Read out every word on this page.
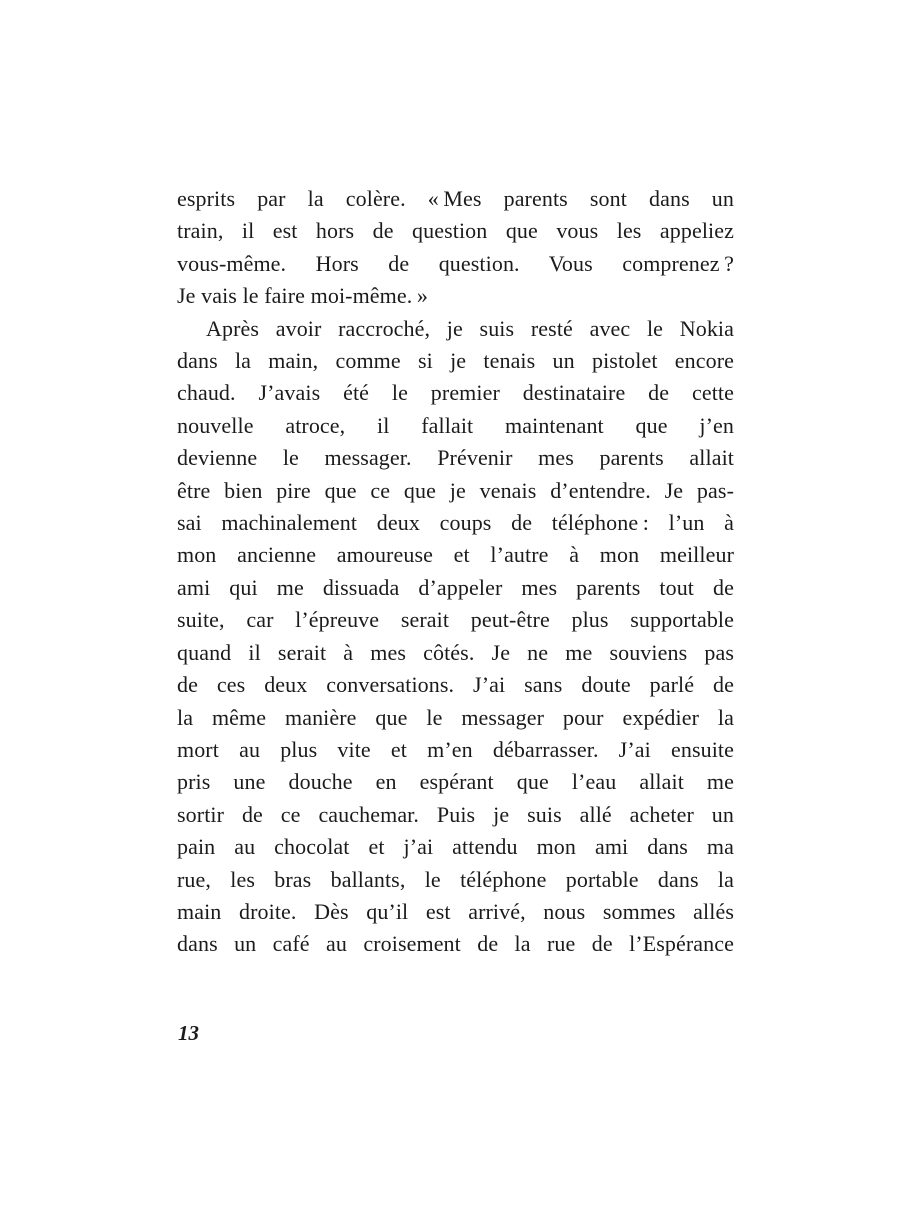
esprits par la colère. « Mes parents sont dans un
train, il est hors de question que vous les appeliez
vous-même. Hors de question. Vous comprenez ?
Je vais le faire moi-même. »
Après avoir raccroché, je suis resté avec le Nokia
dans la main, comme si je tenais un pistolet encore
chaud. J’avais été le premier destinataire de cette
nouvelle atroce, il fallait maintenant que j’en
devienne le messager. Prévenir mes parents allait
être bien pire que ce que je venais d’entendre. Je pas-
sai machinalement deux coups de téléphone : l’un à
mon ancienne amoureuse et l’autre à mon meilleur
ami qui me dissuada d’appeler mes parents tout de
suite, car l’épreuve serait peut-être plus supportable
quand il serait à mes côtés. Je ne me souviens pas
de ces deux conversations. J’ai sans doute parlé de
la même manière que le messager pour expédier la
mort au plus vite et m’en débarrasser. J’ai ensuite
pris une douche en espérant que l’eau allait me
sortir de ce cauchemar. Puis je suis allé acheter un
pain au chocolat et j’ai attendu mon ami dans ma
rue, les bras ballants, le téléphone portable dans la
main droite. Dès qu’il est arrivé, nous sommes allés
dans un café au croisement de la rue de l’Espérance
13
